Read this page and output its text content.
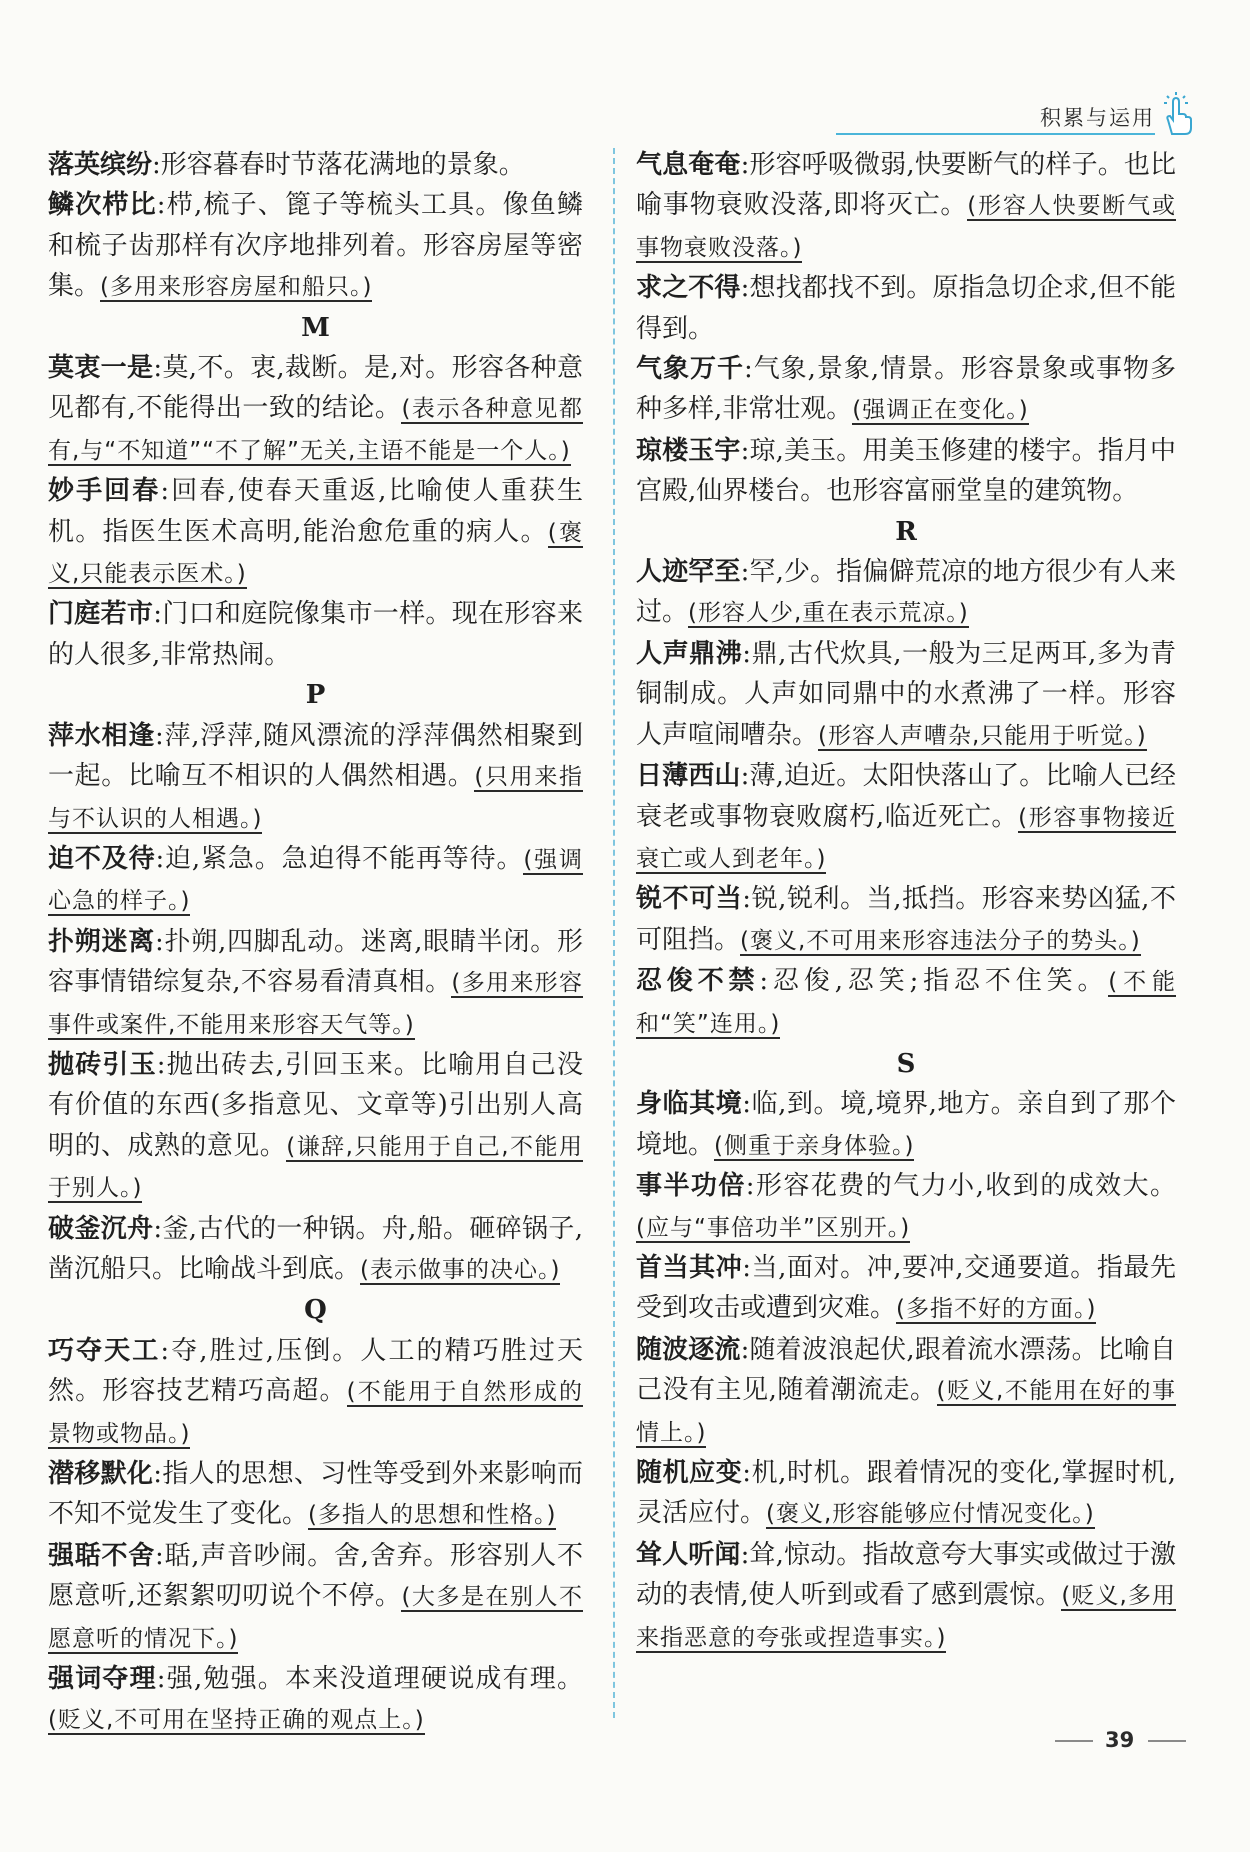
积累与运用

落英缤纷:形容暮春时节落花满地的景象。

鳞次栉比:栉,梳子、篦子等梳头工具。像鱼鳞和梳子齿那样有次序地排列着。形容房屋等密集。(多用来形容房屋和船只。)

M

莫衷一是:莫,不。衷,裁断。是,对。形容各种意见都有,不能得出一致的结论。(表示各种意见都有,与“不知道”“不了解”无关,主语不能是一个人。)

妙手回春:回春,使春天重返,比喻使人重获生机。指医生医术高明,能治愈危重的病人。(褒义,只能表示医术。)

门庭若市:门口和庭院像集市一样。现在形容来的人很多,非常热闹。

P

萍水相逢:萍,浮萍,随风漂流的浮萍偶然相聚到一起。比喻互不相识的人偶然相遇。(只用来指与不认识的人相遇。)

迫不及待:迫,紧急。急迫得不能再等待。(强调心急的样子。)

扑朔迷离:扑朔,四脚乱动。迷离,眼睛半闭。形容事情错综复杂,不容易看清真相。(多用来形容事件或案件,不能用来形容天气等。)

抛砖引玉:抛出砖去,引回玉来。比喻用自己没有价值的东西(多指意见、文章等)引出别人高明的、成熟的意见。(谦辞,只能用于自己,不能用于别人。)

破釜沉舟:釜,古代的一种锅。舟,船。砸碎锅子,凿沉船只。比喻战斗到底。(表示做事的决心。)

Q

巧夺天工:夺,胜过,压倒。人工的精巧胜过天然。形容技艺精巧高超。(不能用于自然形成的景物或物品。)

潜移默化:指人的思想、习性等受到外来影响而不知不觉发生了变化。(多指人的思想和性格。)

强聒不舍:聒,声音吵闹。舍,舍弃。形容别人不愿意听,还絮絮叨叨说个不停。(大多是在别人不愿意听的情况下。)

强词夺理:强,勉强。本来没道理硬说成有理。(贬义,不可用在坚持正确的观点上。)

气息奄奄:形容呼吸微弱,快要断气的样子。也比喻事物衰败没落,即将灭亡。(形容人快要断气或事物衰败没落。)

求之不得:想找都找不到。原指急切企求,但不能得到。

气象万千:气象,景象,情景。形容景象或事物多种多样,非常壮观。(强调正在变化。)

琼楼玉宇:琼,美玉。用美玉修建的楼宇。指月中宫殿,仙界楼台。也形容富丽堂皇的建筑物。

R

人迹罕至:罕,少。指偏僻荒凉的地方很少有人来过。(形容人少,重在表示荒凉。)

人声鼎沸:鼎,古代炊具,一般为三足两耳,多为青铜制成。人声如同鼎中的水煮沸了一样。形容人声喧闹嘈杂。(形容人声嘈杂,只能用于听觉。)

日薄西山:薄,迫近。太阳快落山了。比喻人已经衰老或事物衰败腐朽,临近死亡。(形容事物接近衰亡或人到老年。)

锐不可当:锐,锐利。当,抵挡。形容来势凶猛,不可阻挡。(褒义,不可用来形容违法分子的势头。)

忍俊不禁:忍俊,忍笑;指忍不住笑。(不能和“笑”连用。)

S

身临其境:临,到。境,境界,地方。亲自到了那个境地。(侧重于亲身体验。)

事半功倍:形容花费的气力小,收到的成效大。(应与“事倍功半”区别开。)

首当其冲:当,面对。冲,要冲,交通要道。指最先受到攻击或遭到灾难。(多指不好的方面。)

随波逐流:随着波浪起伏,跟着流水漂荡。比喻自己没有主见,随着潮流走。(贬义,不能用在好的事情上。)

随机应变:机,时机。跟着情况的变化,掌握时机,灵活应付。(褒义,形容能够应付情况变化。)

耸人听闻:耸,惊动。指故意夸大事实或做过于激动的表情,使人听到或看了感到震惊。(贬义,多用来指恶意的夸张或捏造事实。)

39
